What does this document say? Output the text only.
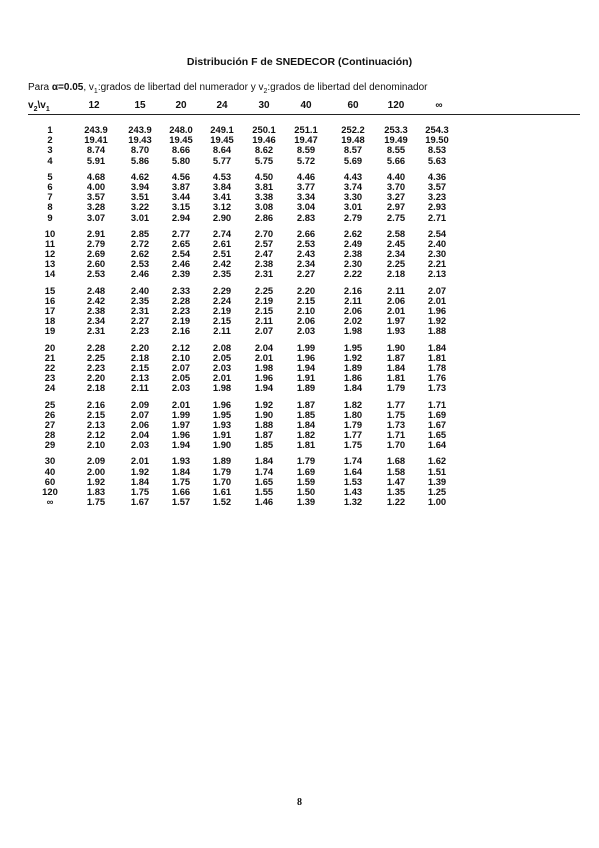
Distribución F de SNEDECOR (Continuación)
Para α=0.05, $v_1:grados$ de libertad del numerador y $v_2:grados$ de libertad del denominador
$v_2\backslash v_1$	12	15	20	24	30	40	60	120	∞
1	243.9	243.9	248.0	249.1	250.1	251.1	252.2	253.3	254.3
2	19.41	19.43	19.45	19.45	19.46	19.47	19.48	19.49	19.50
3	8.74	8.70	8.66	8.64	8.62	8.59	8.57	8.55	8.53
4	5.91	5.86	5.80	5.77	5.75	5.72	5.69	5.66	5.63
5	4.68	4.62	4.56	4.53	4.50	4.46	4.43	4.40	4.36
6	4.00	3.94	3.87	3.84	3.81	3.77	3.74	3.70	3.57
7	3.57	3.51	3.44	3.41	3.38	3.34	3.30	3.27	3.23
8	3.28	3.22	3.15	3.12	3.08	3.04	3.01	2.97	2.93
9	3.07	3.01	2.94	2.90	2.86	2.83	2.79	2.75	2.71
10	2.91	2.85	2.77	2.74	2.70	2.66	2.62	2.58	2.54
11	2.79	2.72	2.65	2.61	2.57	2.53	2.49	2.45	2.40
12	2.69	2.62	2.54	2.51	2.47	2.43	2.38	2.34	2.30
13	2.60	2.53	2.46	2.42	2.38	2.34	2.30	2.25	2.21
14	2.53	2.46	2.39	2.35	2.31	2.27	2.22	2.18	2.13
15	2.48	2.40	2.33	2.29	2.25	2.20	2.16	2.11	2.07
16	2.42	2.35	2.28	2.24	2.19	2.15	2.11	2.06	2.01
17	2.38	2.31	2.23	2.19	2.15	2.10	2.06	2.01	1.96
18	2.34	2.27	2.19	2.15	2.11	2.06	2.02	1.97	1.92
19	2.31	2.23	2.16	2.11	2.07	2.03	1.98	1.93	1.88
20	2.28	2.20	2.12	2.08	2.04	1.99	1.95	1.90	1.84
21	2.25	2.18	2.10	2.05	2.01	1.96	1.92	1.87	1.81
22	2.23	2.15	2.07	2.03	1.98	1.94	1.89	1.84	1.78
23	2.20	2.13	2.05	2.01	1.96	1.91	1.86	1.81	1.76
24	2.18	2.11	2.03	1.98	1.94	1.89	1.84	1.79	1.73
25	2.16	2.09	2.01	1.96	1.92	1.87	1.82	1.77	1.71
26	2.15	2.07	1.99	1.95	1.90	1.85	1.80	1.75	1.69
27	2.13	2.06	1.97	1.93	1.88	1.84	1.79	1.73	1.67
28	2.12	2.04	1.96	1.91	1.87	1.82	1.77	1.71	1.65
29	2.10	2.03	1.94	1.90	1.85	1.81	1.75	1.70	1.64
30	2.09	2.01	1.93	1.89	1.84	1.79	1.74	1.68	1.62
40	2.00	1.92	1.84	1.79	1.74	1.69	1.64	1.58	1.51
60	1.92	1.84	1.75	1.70	1.65	1.59	1.53	1.47	1.39
120	1.83	1.75	1.66	1.61	1.55	1.50	1.43	1.35	1.25
∞	1.75	1.67	1.57	1.52	1.46	1.39	1.32	1.22	1.00
8
